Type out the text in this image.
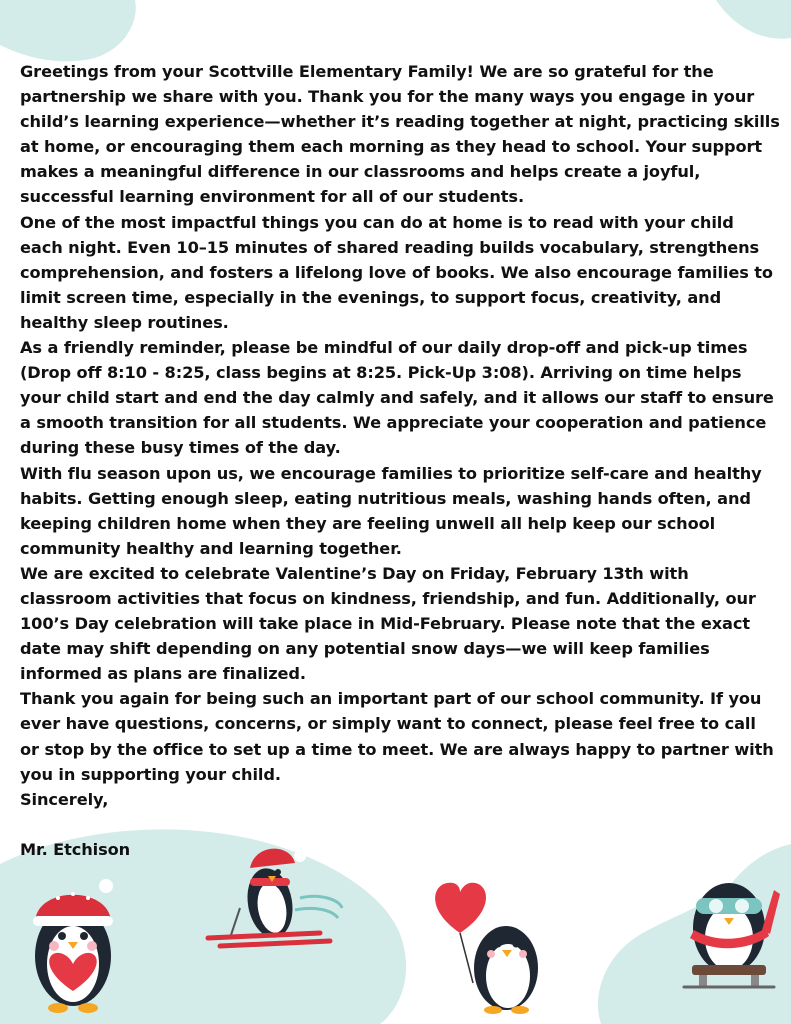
Greetings from your Scottville Elementary Family! We are so grateful for the partnership we share with you. Thank you for the many ways you engage in your child’s learning experience—whether it’s reading together at night, practicing skills at home, or encouraging them each morning as they head to school. Your support makes a meaningful difference in our classrooms and helps create a joyful, successful learning environment for all of our students.

One of the most impactful things you can do at home is to read with your child each night. Even 10–15 minutes of shared reading builds vocabulary, strengthens comprehension, and fosters a lifelong love of books. We also encourage families to limit screen time, especially in the evenings, to support focus, creativity, and healthy sleep routines.

As a friendly reminder, please be mindful of our daily drop-off and pick-up times (Drop off 8:10 - 8:25, class begins at 8:25. Pick-Up 3:08). Arriving on time helps your child start and end the day calmly and safely, and it allows our staff to ensure a smooth transition for all students. We appreciate your cooperation and patience during these busy times of the day.

With flu season upon us, we encourage families to prioritize self-care and healthy habits. Getting enough sleep, eating nutritious meals, washing hands often, and keeping children home when they are feeling unwell all help keep our school community healthy and learning together.

We are excited to celebrate Valentine’s Day on Friday, February 13th with classroom activities that focus on kindness, friendship, and fun. Additionally, our 100’s Day celebration will take place in Mid-February. Please note that the exact date may shift depending on any potential snow days—we will keep families informed as plans are finalized.

Thank you again for being such an important part of our school community. If you ever have questions, concerns, or simply want to connect, please feel free to call or stop by the office to set up a time to meet. We are always happy to partner with you in supporting your child.

Sincerely,

Mr. Etchison
